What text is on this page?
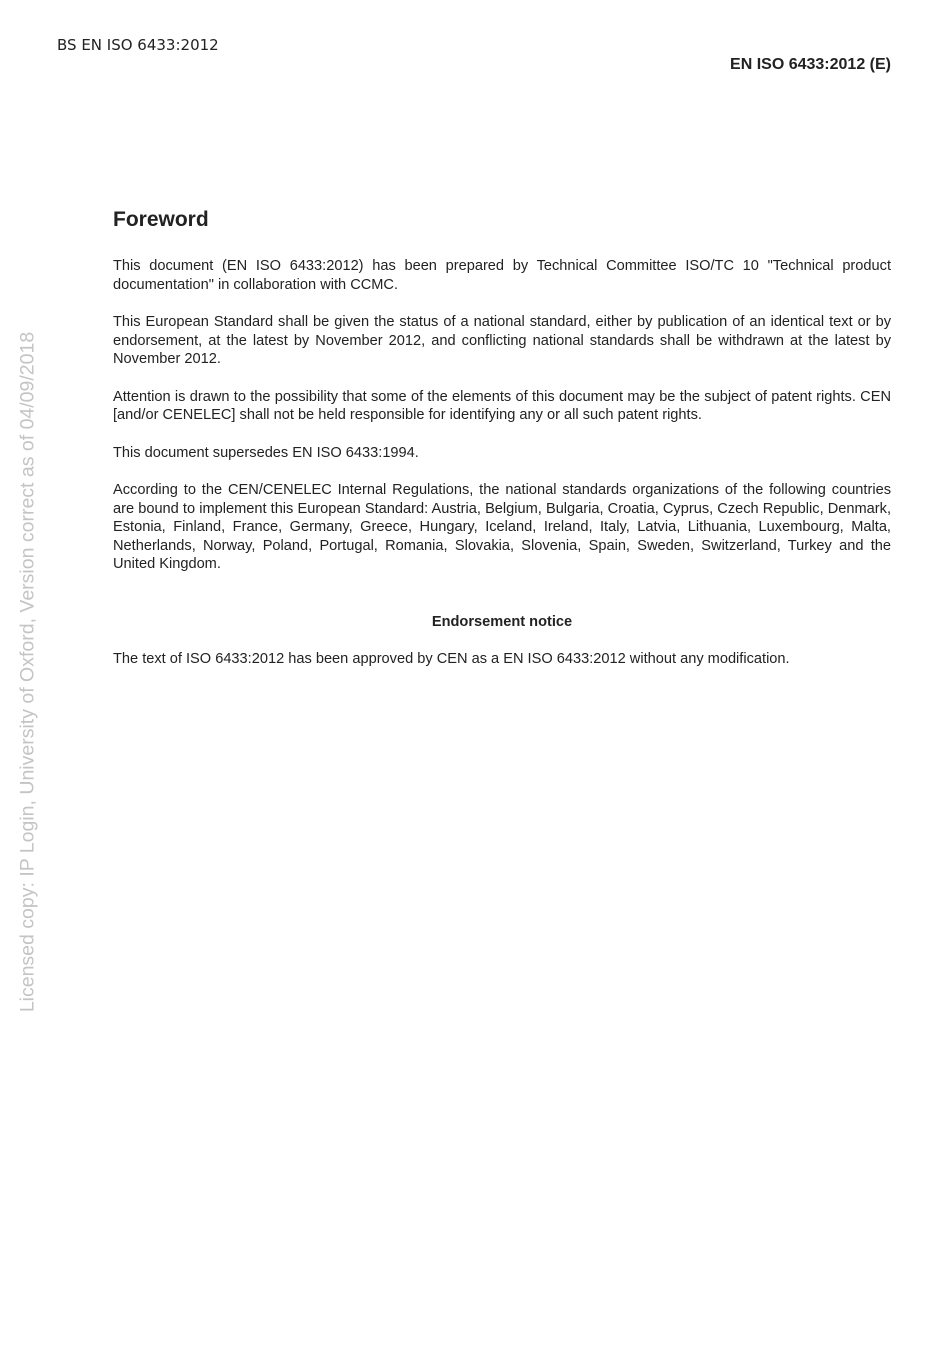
BS EN ISO 6433:2012
EN ISO 6433:2012 (E)
Licensed copy: IP Login, University of Oxford, Version correct as of 04/09/2018
Foreword

This document (EN ISO 6433:2012) has been prepared by Technical Committee ISO/TC 10 "Technical product documentation" in collaboration with CCMC.

This European Standard shall be given the status of a national standard, either by publication of an identical text or by endorsement, at the latest by November 2012, and conflicting national standards shall be withdrawn at the latest by November 2012.

Attention is drawn to the possibility that some of the elements of this document may be the subject of patent rights. CEN [and/or CENELEC] shall not be held responsible for identifying any or all such patent rights.

This document supersedes EN ISO 6433:1994.

According to the CEN/CENELEC Internal Regulations, the national standards organizations of the following countries are bound to implement this European Standard: Austria, Belgium, Bulgaria, Croatia, Cyprus, Czech Republic, Denmark, Estonia, Finland, France, Germany, Greece, Hungary, Iceland, Ireland, Italy, Latvia, Lithuania, Luxembourg, Malta, Netherlands, Norway, Poland, Portugal, Romania, Slovakia, Slovenia, Spain, Sweden, Switzerland, Turkey and the United Kingdom.

Endorsement notice

The text of ISO 6433:2012 has been approved by CEN as a EN ISO 6433:2012 without any modification.
